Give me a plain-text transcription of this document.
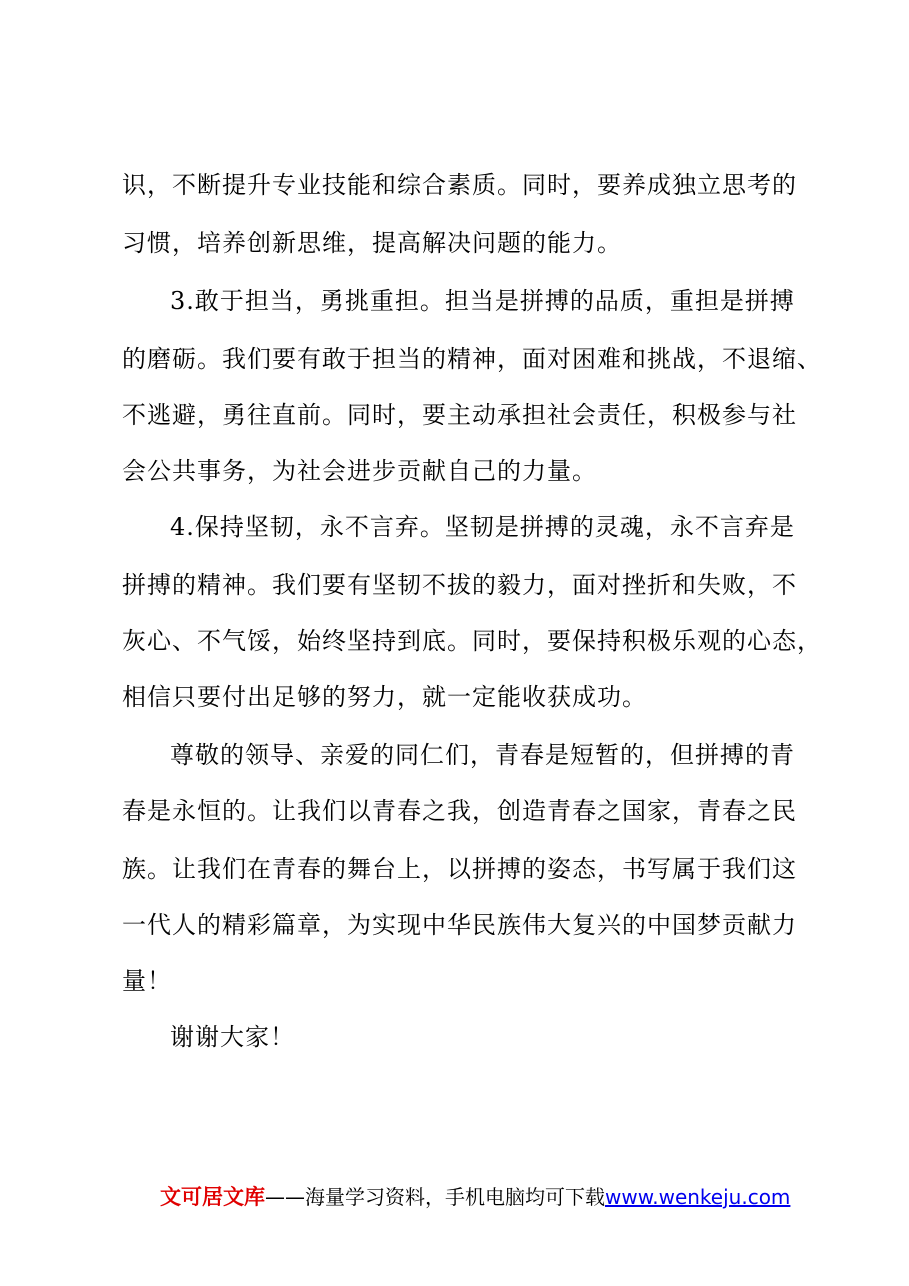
识，不断提升专业技能和综合素质。同时，要养成独立思考的
习惯，培养创新思维，提高解决问题的能力。
3.敢于担当，勇挑重担。担当是拼搏的品质，重担是拼搏
的磨砺。我们要有敢于担当的精神，面对困难和挑战，不退缩、
不逃避，勇往直前。同时，要主动承担社会责任，积极参与社
会公共事务，为社会进步贡献自己的力量。
4.保持坚韧，永不言弃。坚韧是拼搏的灵魂，永不言弃是
拼搏的精神。我们要有坚韧不拔的毅力，面对挫折和失败，不
灰心、不气馁，始终坚持到底。同时，要保持积极乐观的心态，
相信只要付出足够的努力，就一定能收获成功。
尊敬的领导、亲爱的同仁们，青春是短暂的，但拼搏的青
春是永恒的。让我们以青春之我，创造青春之国家，青春之民
族。让我们在青春的舞台上，以拼搏的姿态，书写属于我们这
一代人的精彩篇章，为实现中华民族伟大复兴的中国梦贡献力
量！
谢谢大家！
文可居文库——海量学习资料，手机电脑均可下载www.wenkeju.com
